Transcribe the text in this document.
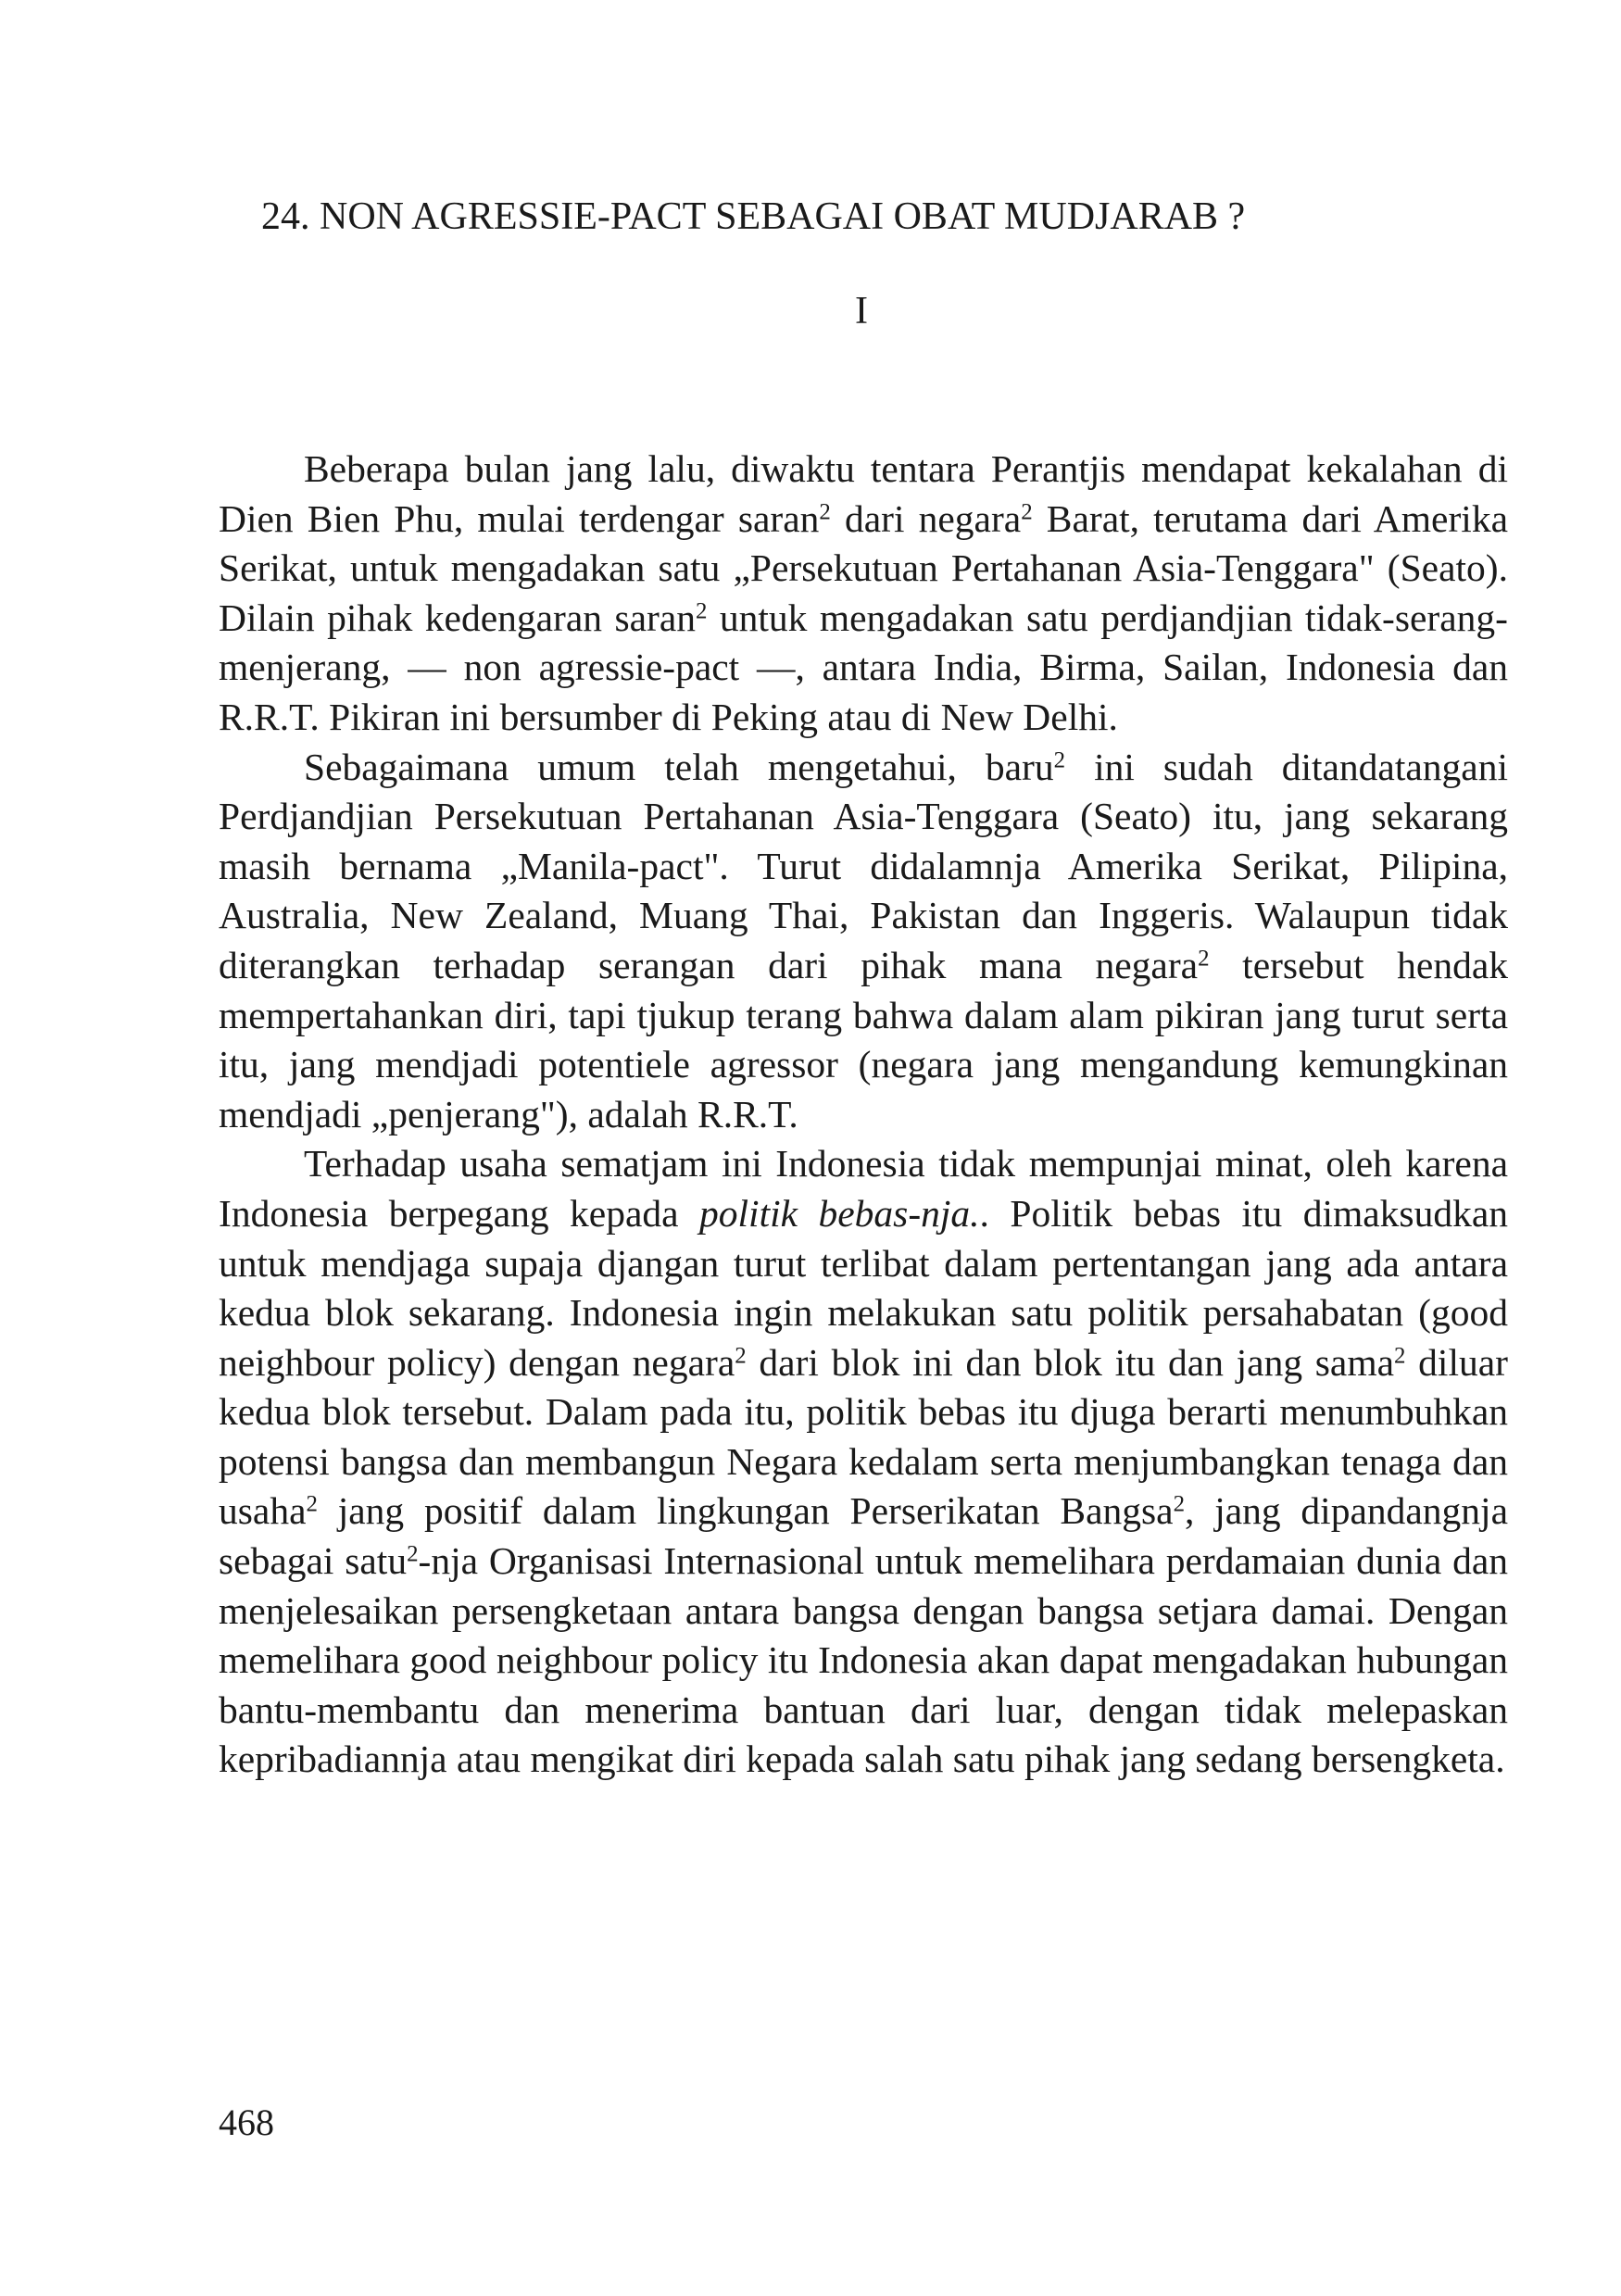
24. NON AGRESSIE-PACT SEBAGAI OBAT MUDJARAB ?
I

Beberapa bulan jang lalu, diwaktu tentara Perantjis mendapat kekalahan di Dien Bien Phu, mulai terdengar saran$^2$ dari negara$^2$ Barat, terutama dari Amerika Serikat, untuk mengadakan satu „Persekutuan Pertahanan Asia-Tenggara" (Seato). Dilain pihak kedengaran saran$^2$ untuk mengadakan satu perdjandjian tidak-serang-menjerang, — non agressie-pact —, antara India, Birma, Sailan, Indonesia dan R.R.T. Pikiran ini bersumber di Peking atau di New Delhi.

Sebagaimana umum telah mengetahui, baru$^2$ ini sudah ditandatangani Perdjandjian Persekutuan Pertahanan Asia-Tenggara (Seato) itu, jang sekarang masih bernama „Manila-pact". Turut didalamnja Amerika Serikat, Pilipina, Australia, New Zealand, Muang Thai, Pakistan dan Inggeris. Walaupun tidak diterangkan terhadap serangan dari pihak mana negara$^2$ tersebut hendak mempertahankan diri, tapi tjukup terang bahwa dalam alam pikiran jang turut serta itu, jang mendjadi potentiele agressor (negara jang mengandung kemungkinan mendjadi „penjerang"), adalah R.R.T.

Terhadap usaha sematjam ini Indonesia tidak mempunjai minat, oleh karena Indonesia berpegang kepada politik bebas-nja.. Politik bebas itu dimaksudkan untuk mendjaga supaja djangan turut terlibat dalam pertentangan jang ada antara kedua blok sekarang. Indonesia ingin melakukan satu politik persahabatan (good neighbour policy) dengan negara$^2$ dari blok ini dan blok itu dan jang sama$^2$ diluar kedua blok tersebut. Dalam pada itu, politik bebas itu djuga berarti menumbuhkan potensi bangsa dan membangun Negara kedalam serta menjumbangkan tenaga dan usaha$^2$ jang positif dalam lingkungan Perserikatan Bangsa$^2$, jang dipandangnja sebagai satu$^2$-nja Organisasi Internasional untuk memelihara perdamaian dunia dan menjelesaikan persengketaan antara bangsa dengan bangsa setjara damai. Dengan memelihara good neighbour policy itu Indonesia akan dapat mengadakan hubungan bantu-membantu dan menerima bantuan dari luar, dengan tidak melepaskan kepribadiannja atau mengikat diri kepada salah satu pihak jang sedang bersengketa.

468
